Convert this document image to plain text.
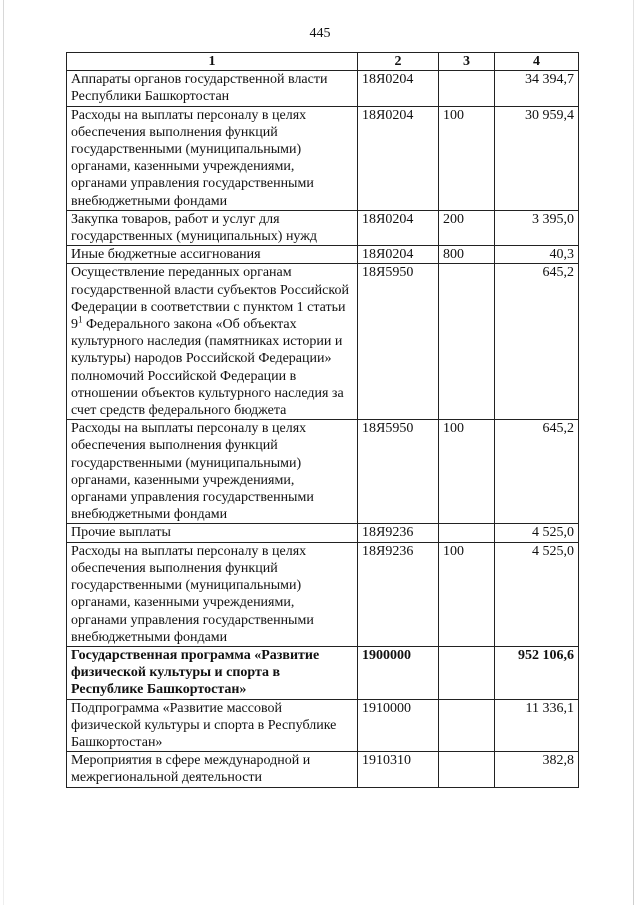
445
1	2	3	4
Аппараты органов государственной власти Республики Башкортостан	18Я0204		34 394,7
Расходы на выплаты персоналу в целях обеспечения выполнения функций государственными (муниципальными) органами, казенными учреждениями, органами управления государственными внебюджетными фондами	18Я0204	100	30 959,4
Закупка товаров, работ и услуг для государственных (муниципальных) нужд	18Я0204	200	3 395,0
Иные бюджетные ассигнования	18Я0204	800	40,3
Осуществление переданных органам государственной власти субъектов Российской Федерации в соответствии с пунктом 1 статьи $9^1$ Федерального закона «Об объектах культурного наследия (памятниках истории и культуры) народов Российской Федерации» полномочий Российской Федерации в отношении объектов культурного наследия за счет средств федерального бюджета	18Я5950		645,2
Расходы на выплаты персоналу в целях обеспечения выполнения функций государственными (муниципальными) органами, казенными учреждениями, органами управления государственными внебюджетными фондами	18Я5950	100	645,2
Прочие выплаты	18Я9236		4 525,0
Расходы на выплаты персоналу в целях обеспечения выполнения функций государственными (муниципальными) органами, казенными учреждениями, органами управления государственными внебюджетными фондами	18Я9236	100	4 525,0
Государственная программа «Развитие физической культуры и спорта в Республике Башкортостан»	1900000		952 106,6
Подпрограмма «Развитие массовой физической культуры и спорта в Республике Башкортостан»	1910000		11 336,1
Мероприятия в сфере международной и межрегиональной деятельности	1910310		382,8
